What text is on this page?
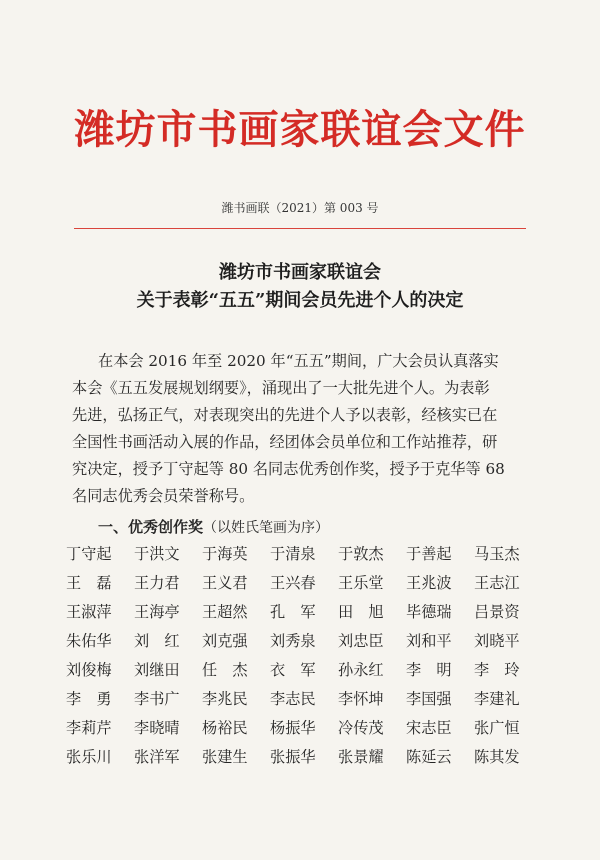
潍坊市书画家联谊会文件
潍书画联（2021）第 003 号
潍坊市书画家联谊会
关于表彰“五五”期间会员先进个人的决定
在本会 2016 年至 2020 年“五五”期间，广大会员认真落实
本会《五五发展规划纲要》，涌现出了一大批先进个人。为表彰
先进，弘扬正气，对表现突出的先进个人予以表彰，经核实已在
全国性书画活动入展的作品，经团体会员单位和工作站推荐，研
究决定，授予丁守起等 80 名同志优秀创作奖，授予于克华等 68
名同志优秀会员荣誉称号。
一、优秀创作奖（以姓氏笔画为序）
丁守起	于洪文	于海英	于清泉	于敦杰	于善起	马玉杰
王　磊	王力君	王义君	王兴春	王乐堂	王兆波	王志江
王淑萍	王海亭	王超然	孔　军	田　旭	毕德瑞	吕景资
朱佑华	刘　红	刘克强	刘秀泉	刘忠臣	刘和平	刘晓平
刘俊梅	刘继田	任　杰	衣　军	孙永红	李　明	李　玲
李　勇	李书广	李兆民	李志民	李怀坤	李国强	李建礼
李莉芹	李晓晴	杨裕民	杨振华	冷传茂	宋志臣	张广恒
张乐川	张洋军	张建生	张振华	张景耀	陈延云	陈其发
